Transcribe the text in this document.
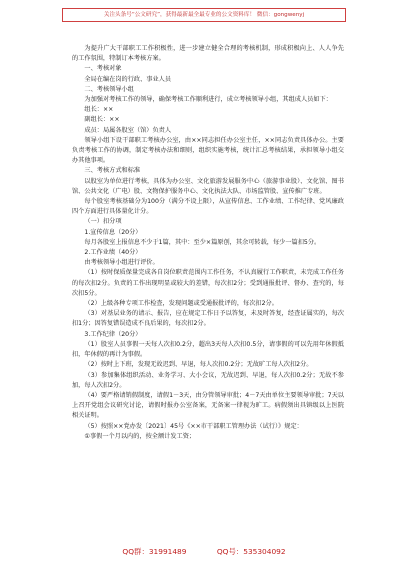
关注头条号“公文研究”，获得最新最全最专业的公文资料库！ 微信：gongwenyj

为提升广大干部职工工作积极性，进一步建立健全合理的考核机制，形成积极向上、人人争先的工作氛围，特制订本考核方案。

一、考核对象

全局在编在岗的行政、事业人员

二、考核领导小组

为加强对考核工作的领导，确保考核工作顺利进行，成立考核领导小组，其组成人员如下：

组长：××

副组长：××

成员：局属各股室（馆）负责人

领导小组下设干部职工考核办公室，由××同志担任办公室主任，××同志负责具体办公。主要负责考核工作的协调，制定考核办法和细则，组织实施考核，统计汇总考核结果，承担领导小组交办其他事项。

三、考核方式和标准

以股室为单位进行考核，具体为办公室、文化旅游发展服务中心（旅游事业股）、文化馆、图书馆、公共文化（广电）股、文物保护服务中心、文化执法大队、市场监管股、宣传推广专班。

每个股室考核基础分为100分（满分不设上限），从宣传信息、工作业绩、工作纪律、党风廉政四个方面进行具体量化计分。

（一）扣分项

1.宣传信息（20分）

每月各股室上报信息不少于1篇，其中：至少×篇原创，其余可转载，每少一篇扣5分。

2.工作业绩（40分）

由考核领导小组进行评价。

（1）按时保质保量完成各自岗位职责范围内工作任务，不认真履行工作职责，未完成工作任务的每次扣2分。负责的工作出现明显或较大的差错，每次扣2分；受到通报批评、督办、查究的，每次扣5分。

（2）上级各种专项工作检查，发现问题或受通报批评的，每次扣2分。

（3）对基层业务的请示、报告，应在规定工作日予以答复，未及时答复，经查证属实的，每次扣1分；因答复错误造成不良后果的，每次扣2分。

3.工作纪律（20分）

（1）股室人员事假一天每人次扣0.2分，超出3天每人次扣0.5分，请事假的可以先用年休假抵扣，年休假的再计为事假。

（2）按时上下班，发现无故迟到、早退，每人次扣0.2分；无故旷工每人次扣2分。

（3）参加集体组织活动、业务学习、大小会议，无故迟到、早退，每人次扣0.2分；无故不参加，每人次扣2分。

（4）要严格请销假制度，请假1－3天，由分管领导审批；4－7天由单位主要领导审批；7天以上召开党组会议研究讨论，请假时报办公室备案，无备案一律视为旷工。病假须出具镇级以上医院相关证明。

（5）按照××党办发〔2021〕45号《××市干部职工管理办法（试行）》规定：

①事假一个月以内的，按全额计发工资；

QQ群：31991489	QQ号：535304092
